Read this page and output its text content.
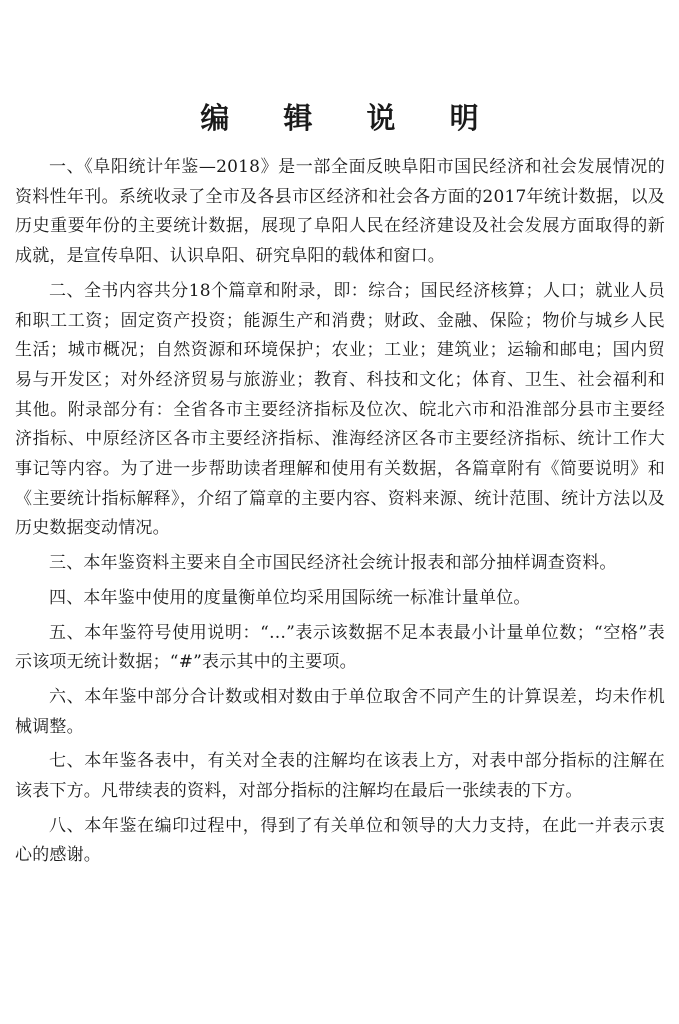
编 辑 说 明

一、《阜阳统计年鉴—2018》是一部全面反映阜阳市国民经济和社会发展情况的资料性年刊。系统收录了全市及各县市区经济和社会各方面的2017年统计数据，以及历史重要年份的主要统计数据，展现了阜阳人民在经济建设及社会发展方面取得的新成就，是宣传阜阳、认识阜阳、研究阜阳的载体和窗口。

二、全书内容共分18个篇章和附录，即：综合；国民经济核算；人口；就业人员和职工工资；固定资产投资；能源生产和消费；财政、金融、保险；物价与城乡人民生活；城市概况；自然资源和环境保护；农业；工业；建筑业；运输和邮电；国内贸易与开发区；对外经济贸易与旅游业；教育、科技和文化；体育、卫生、社会福利和其他。附录部分有：全省各市主要经济指标及位次、皖北六市和沿淮部分县市主要经济指标、中原经济区各市主要经济指标、淮海经济区各市主要经济指标、统计工作大事记等内容。为了进一步帮助读者理解和使用有关数据，各篇章附有《简要说明》和《主要统计指标解释》，介绍了篇章的主要内容、资料来源、统计范围、统计方法以及历史数据变动情况。

三、本年鉴资料主要来自全市国民经济社会统计报表和部分抽样调查资料。

四、本年鉴中使用的度量衡单位均采用国际统一标准计量单位。

五、本年鉴符号使用说明：“…”表示该数据不足本表最小计量单位数；“空格”表示该项无统计数据；“#”表示其中的主要项。

六、本年鉴中部分合计数或相对数由于单位取舍不同产生的计算误差，均未作机械调整。

七、本年鉴各表中，有关对全表的注解均在该表上方，对表中部分指标的注解在该表下方。凡带续表的资料，对部分指标的注解均在最后一张续表的下方。

八、本年鉴在编印过程中，得到了有关单位和领导的大力支持，在此一并表示衷心的感谢。
